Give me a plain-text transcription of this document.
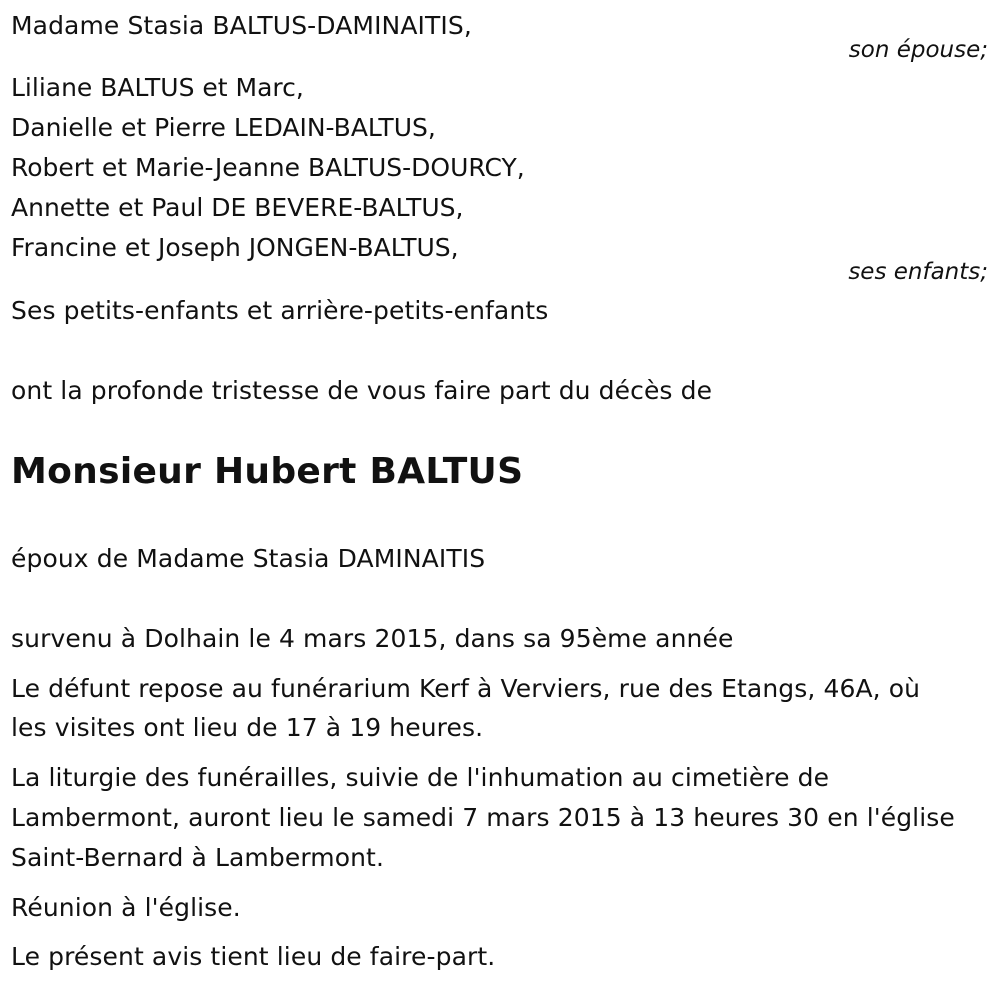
Madame Stasia BALTUS-DAMINAITIS,
son épouse;
Liliane BALTUS et Marc,
Danielle et Pierre LEDAIN-BALTUS,
Robert et Marie-Jeanne BALTUS-DOURCY,
Annette et Paul DE BEVERE-BALTUS,
Francine et Joseph JONGEN-BALTUS,
ses enfants;
Ses petits-enfants et arrière-petits-enfants
ont la profonde tristesse de vous faire part du décès de
Monsieur Hubert BALTUS
époux de Madame Stasia DAMINAITIS
survenu à Dolhain le 4 mars 2015, dans sa 95ème année
Le défunt repose au funérarium Kerf à Verviers, rue des Etangs, 46A, où
les visites ont lieu de 17 à 19 heures.
La liturgie des funérailles, suivie de l'inhumation au cimetière de
Lambermont, auront lieu le samedi 7 mars 2015 à 13 heures 30 en l'église
Saint-Bernard à Lambermont.
Réunion à l'église.
Le présent avis tient lieu de faire-part.
